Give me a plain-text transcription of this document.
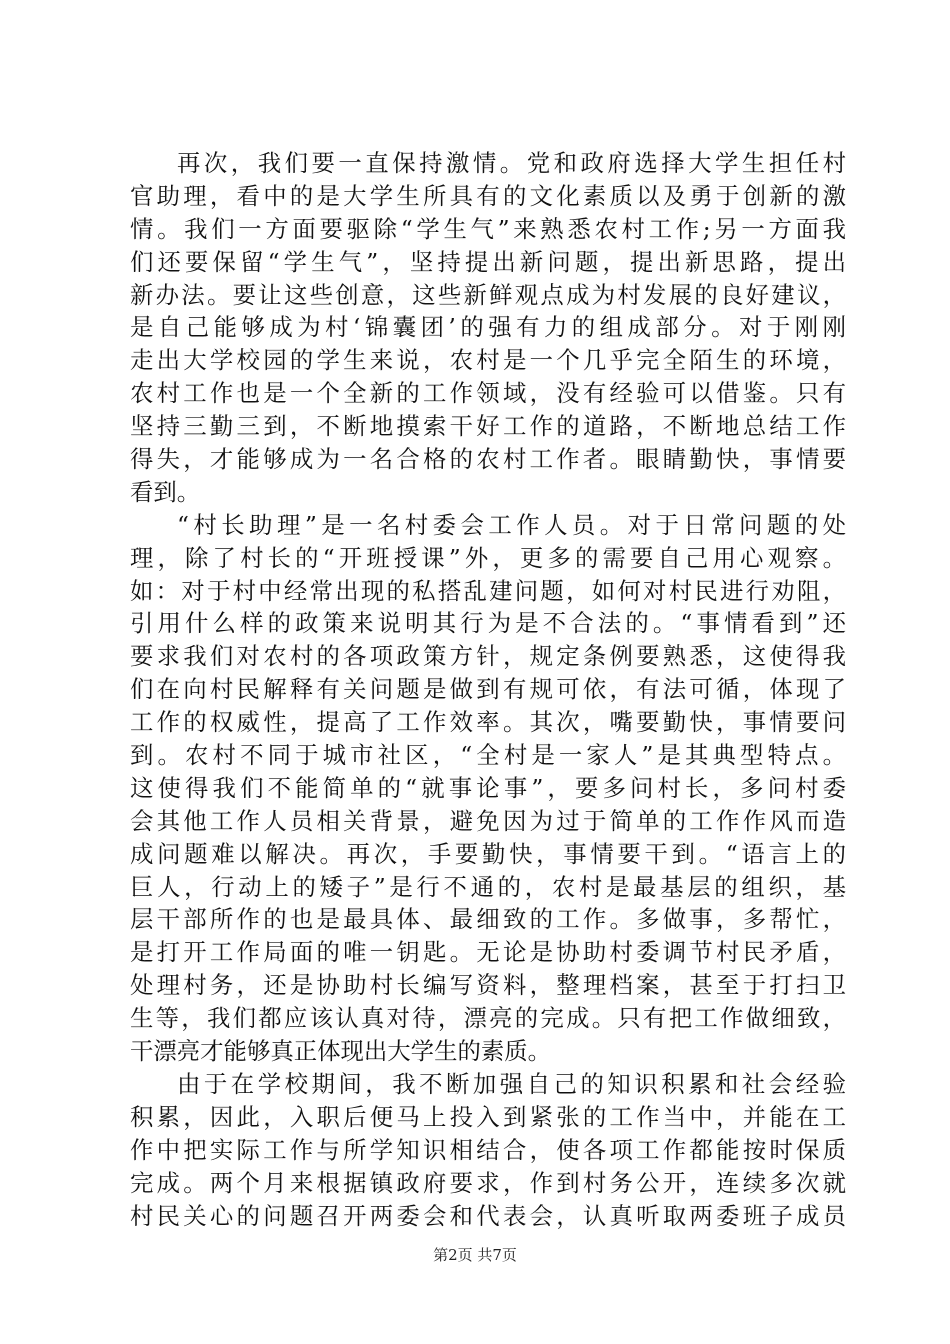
再次，我们要一直保持激情。党和政府选择大学生担任村
官助理，看中的是大学生所具有的文化素质以及勇于创新的激
情。我们一方面要驱除“学生气”来熟悉农村工作;另一方面我
们还要保留“学生气”，坚持提出新问题，提出新思路，提出
新办法。要让这些创意，这些新鲜观点成为村发展的良好建议，
是自己能够成为村‘锦囊团’的强有力的组成部分。对于刚刚
走出大学校园的学生来说，农村是一个几乎完全陌生的环境，
农村工作也是一个全新的工作领域，没有经验可以借鉴。只有
坚持三勤三到，不断地摸索干好工作的道路，不断地总结工作
得失，才能够成为一名合格的农村工作者。眼睛勤快，事情要
看到。
“村长助理”是一名村委会工作人员。对于日常问题的处
理，除了村长的“开班授课”外，更多的需要自己用心观察。
如：对于村中经常出现的私搭乱建问题，如何对村民进行劝阻，
引用什么样的政策来说明其行为是不合法的。“事情看到”还
要求我们对农村的各项政策方针，规定条例要熟悉，这使得我
们在向村民解释有关问题是做到有规可依，有法可循，体现了
工作的权威性，提高了工作效率。其次，嘴要勤快，事情要问
到。农村不同于城市社区，“全村是一家人”是其典型特点。
这使得我们不能简单的“就事论事”，要多问村长，多问村委
会其他工作人员相关背景，避免因为过于简单的工作作风而造
成问题难以解决。再次，手要勤快，事情要干到。“语言上的
巨人，行动上的矮子”是行不通的，农村是最基层的组织，基
层干部所作的也是最具体、最细致的工作。多做事，多帮忙，
是打开工作局面的唯一钥匙。无论是协助村委调节村民矛盾，
处理村务，还是协助村长编写资料，整理档案，甚至于打扫卫
生等，我们都应该认真对待，漂亮的完成。只有把工作做细致，
干漂亮才能够真正体现出大学生的素质。
由于在学校期间，我不断加强自己的知识积累和社会经验
积累，因此，入职后便马上投入到紧张的工作当中，并能在工
作中把实际工作与所学知识相结合，使各项工作都能按时保质
完成。两个月来根据镇政府要求，作到村务公开，连续多次就
村民关心的问题召开两委会和代表会，认真听取两委班子成员
第2页 共7页
